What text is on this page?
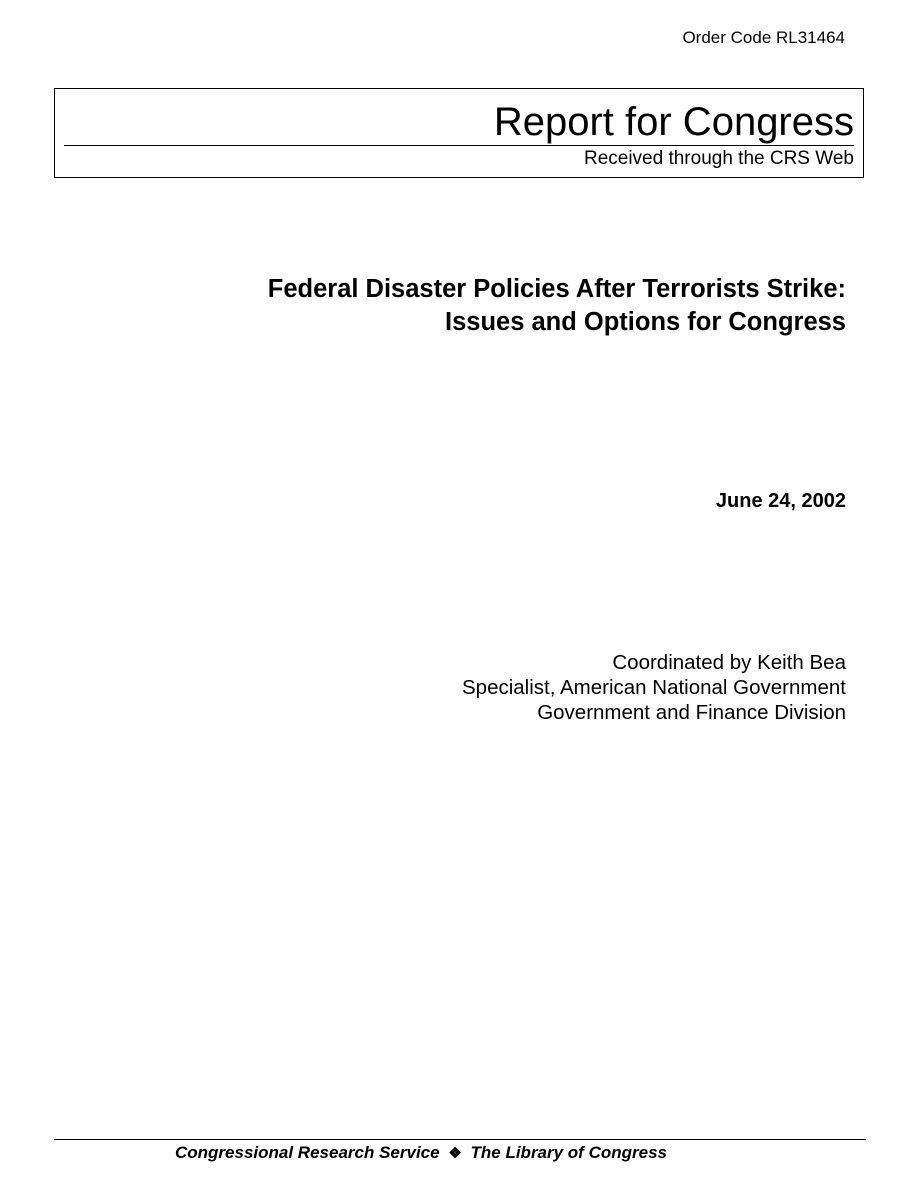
Order Code RL31464
Report for Congress
Received through the CRS Web
Federal Disaster Policies After Terrorists Strike:
Issues and Options for Congress
June 24, 2002
Coordinated by Keith Bea
Specialist, American National Government
Government and Finance Division
Congressional Research Service ❖ The Library of Congress
